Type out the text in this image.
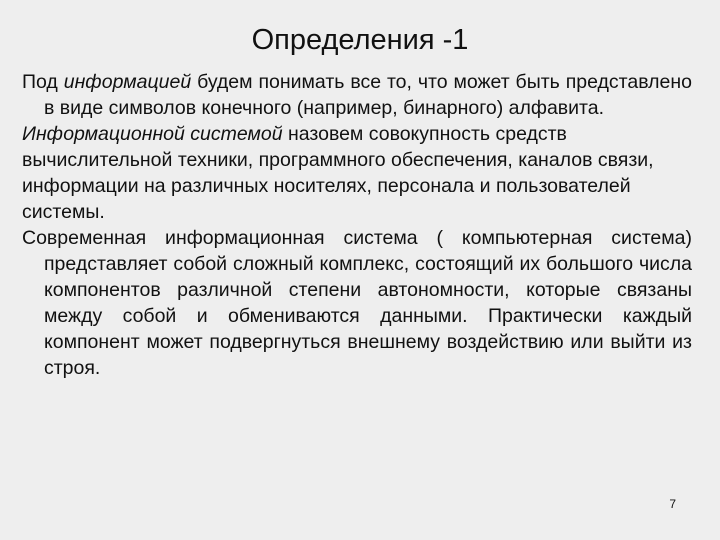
Определения -1

Под информацией будем понимать все то, что может быть представлено в виде символов конечного (например, бинарного) алфавита.

Информационной системой назовем совокупность средств

вычислительной техники, программного обеспечения, каналов связи,

информации на различных носителях, персонала и пользователей

системы.

Современная информационная система ( компьютерная система) представляет собой сложный комплекс, состоящий их большого числа компонентов различной степени автономности, которые связаны между собой и обмениваются данными. Практически каждый компонент может подвергнуться внешнему воздействию или выйти из строя.

7
